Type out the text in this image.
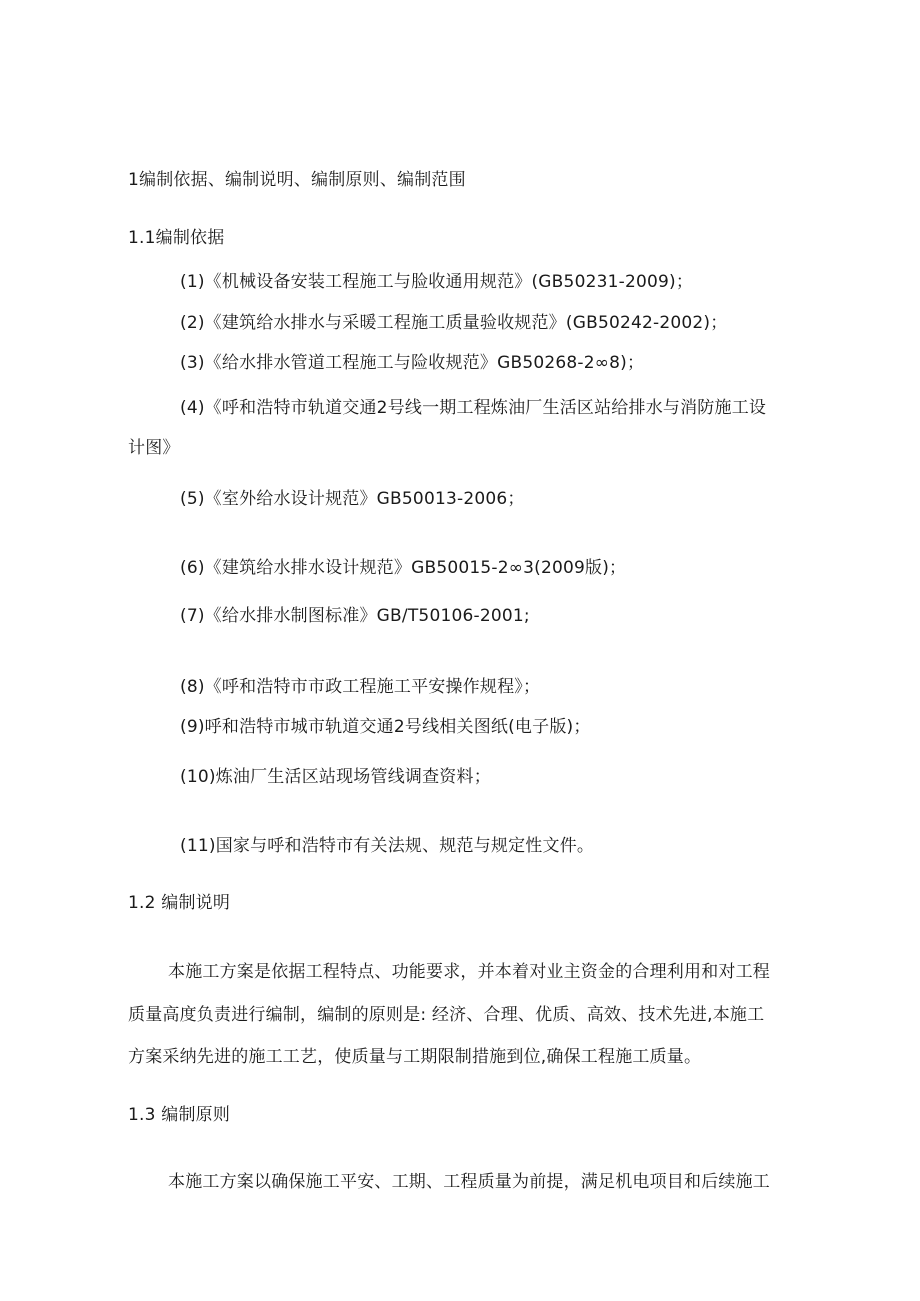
1编制依据、编制说明、编制原则、编制范围
1.1编制依据
(1)《机械设备安装工程施工与脸收通用规范》(GB50231-2009)；
(2)《建筑给水排水与采暖工程施工质量验收规范》(GB50242-2002)；
(3)《给水排水管道工程施工与险收规范》GB50268-2∞8)；
(4)《呼和浩特市轨道交通2号线一期工程炼油厂生活区站给排水与消防施工设
计图》
(5)《室外给水设计规范》GB50013-2006；
(6)《建筑给水排水设计规范》GB50015-2∞3(2009版)；
(7)《给水排水制图标准》GB/T50106-2001;
(8)《呼和浩特市市政工程施工平安操作规程》；
(9)呼和浩特市城市轨道交通2号线相关图纸(电子版)；
(10)炼油厂生活区站现场管线调查资料；
(11)国家与呼和浩特市有关法规、规范与规定性文件。
1.2 编制说明
本施工方案是依据工程特点、功能要求，并本着对业主资金的合理利用和对工程
质量高度负责进行编制，编制的原则是: 经济、合理、优质、高效、技术先进,本施工
方案采纳先进的施工工艺，使质量与工期限制措施到位,确保工程施工质量。
1.3 编制原则
本施工方案以确保施工平安、工期、工程质量为前提，满足机电项目和后续施工
